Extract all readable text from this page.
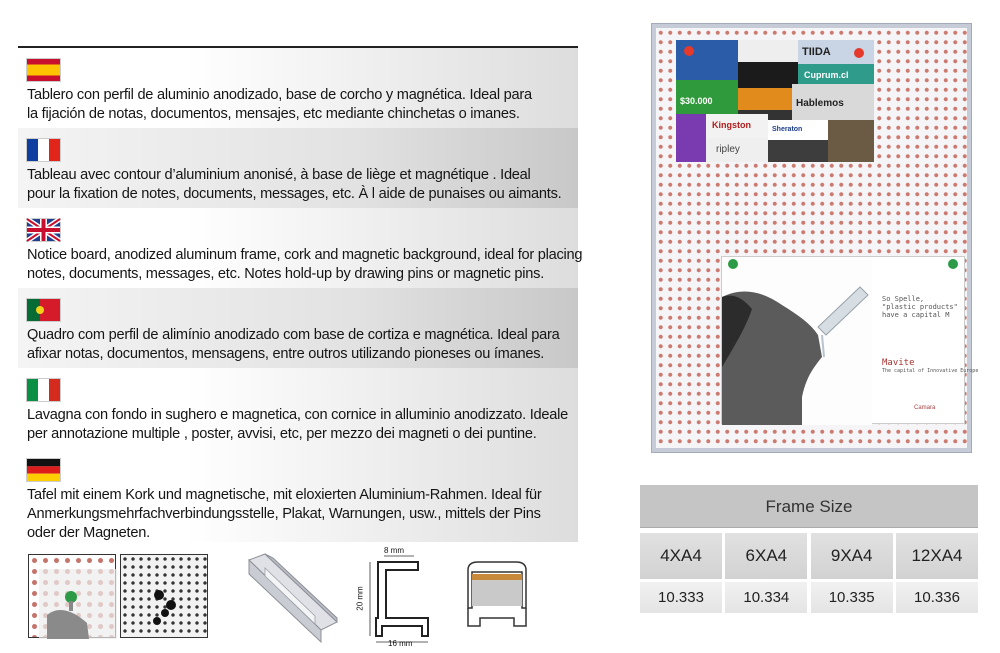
Tablero con perfil de aluminio anodizado, base de corcho y magnética. Ideal para
la fijación de notas, documentos, mensajes, etc mediante chinchetas o imanes.
Tableau avec contour d’aluminium anonisé, à base de liège et magnétique . Ideal
pour la fixation de notes, documents, messages, etc. À l aide de punaises ou aimants.
Notice board, anodized aluminum frame, cork and magnetic background, ideal for placing
notes, documents, messages, etc. Notes hold-up by drawing pins or magnetic pins.
Quadro com perfil de alimínio anodizado com base de cortiza e magnética. Ideal para
afixar notas, documentos, mensagens, entre outros utilizando pioneses ou ímanes.
Lavagna con fondo in sughero e magnetica, con cornice in alluminio anodizzato. Ideale
per annotazione multiple , poster, avvisi, etc, per mezzo dei magneti o dei puntine.
Tafel mit einem Kork und magnetische, mit eloxierten Aluminium-Rahmen. Ideal für
Anmerkungsmehrfachverbindungsstelle, Plakat, Warnungen, usw., mittels der Pins
oder der Magneten.
8 mm
20 mm
16 mm
TIIDA
Cuprum.cl
Kingston
ripley
Hablemos
Sheraton
$30.000
So Spelle,
"plastic products"
have a capital M
Mavite
The capital of Innovative Europe
Camara
Frame Size
4XA4	6XA4	9XA4	12XA4
10.333	10.334	10.335	10.336
